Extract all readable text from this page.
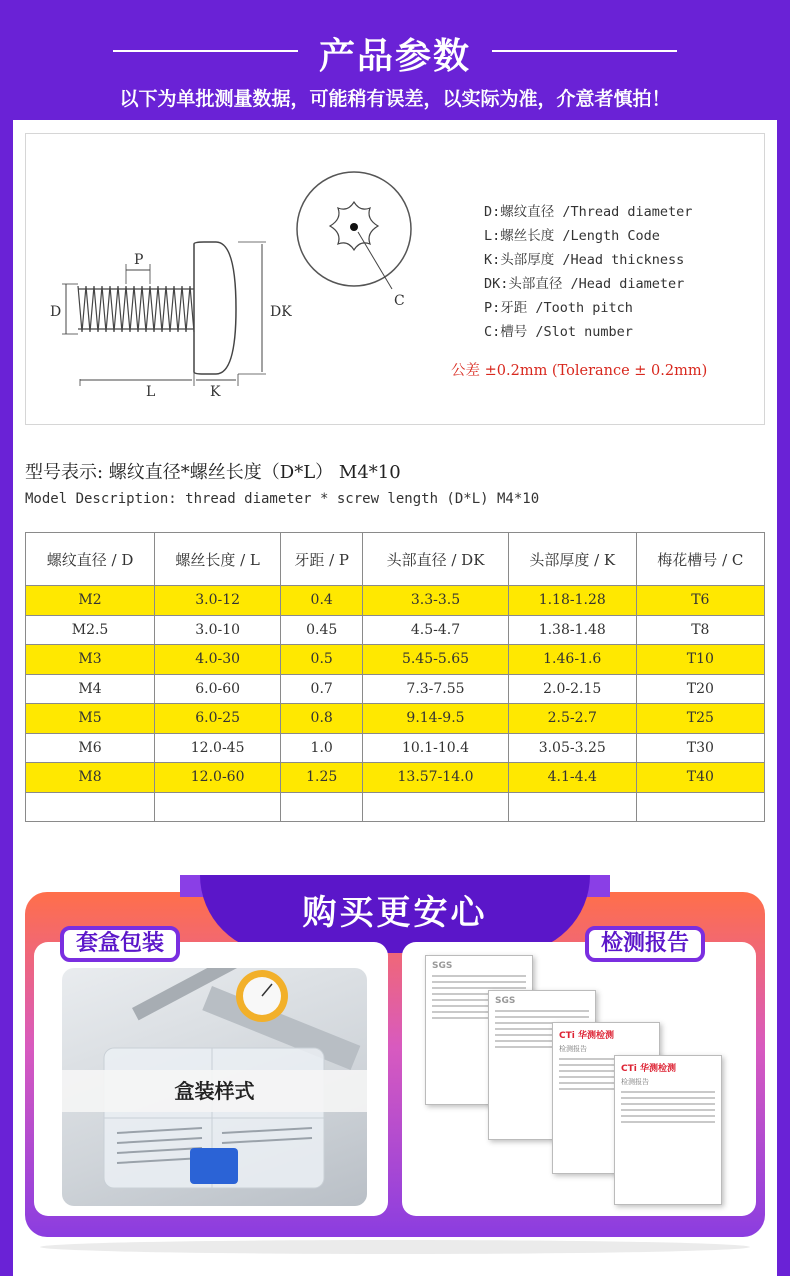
产品参数
以下为单批测量数据，可能稍有误差，以实际为准，介意者慎拍！
D
P
DK
L	K
C
D:螺纹直径 /Thread diameter
L:螺丝长度 /Length Code
K:头部厚度 /Head thickness
DK:头部直径 /Head diameter
P:牙距 /Tooth pitch
C:槽号 /Slot number
公差 ±0.2mm (Tolerance ± 0.2mm)
型号表示: 螺纹直径*螺丝长度（D*L） M4*10
Model Description: thread diameter * screw length (D*L) M4*10
螺纹直径 / D	螺丝长度 / L	牙距 / P	头部直径 / DK	头部厚度 / K	梅花槽号 / C
M2	3.0-12	0.4	3.3-3.5	1.18-1.28	T6
M2.5	3.0-10	0.45	4.5-4.7	1.38-1.48	T8
M3	4.0-30	0.5	5.45-5.65	1.46-1.6	T10
M4	6.0-60	0.7	7.3-7.55	2.0-2.15	T20
M5	6.0-25	0.8	9.14-9.5	2.5-2.7	T25
M6	12.0-45	1.0	10.1-10.4	3.05-3.25	T30
M8	12.0-60	1.25	13.57-14.0	4.1-4.4	T40

购买更安心
盒装样式
套盒包装	检测报告
SGS
SGS
CTi 华测检测
检测报告
CTi 华测检测
检测报告
